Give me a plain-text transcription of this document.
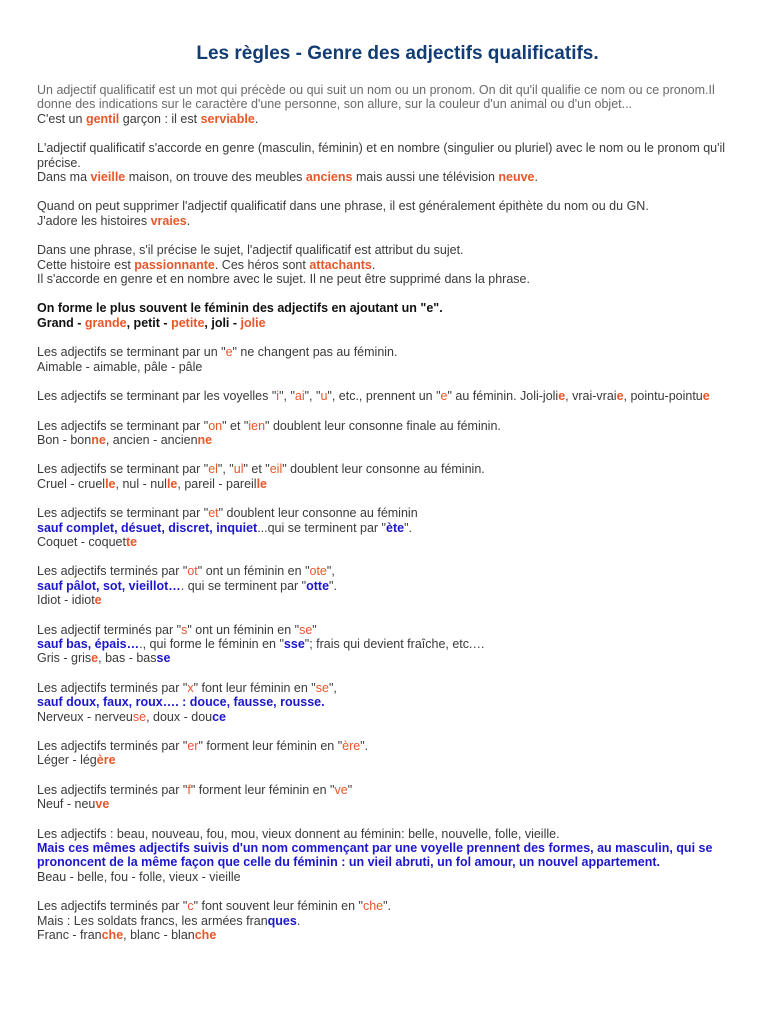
Les règles - Genre des adjectifs qualificatifs.

Un adjectif qualificatif est un mot qui précède ou qui suit un nom ou un pronom. On dit qu'il qualifie ce nom ou ce pronom.Il donne des indications sur le caractère d'une personne, son allure, sur la couleur d'un animal ou d'un objet...
C'est un gentil garçon : il est serviable.

L'adjectif qualificatif s'accorde en genre (masculin, féminin) et en nombre (singulier ou pluriel) avec le nom ou le pronom qu'il précise.
Dans ma vieille maison, on trouve des meubles anciens mais aussi une télévision neuve.

Quand on peut supprimer l'adjectif qualificatif dans une phrase, il est généralement épithète du nom ou du GN.
J'adore les histoires vraies.

Dans une phrase, s'il précise le sujet, l'adjectif qualificatif est attribut du sujet.
Cette histoire est passionnante. Ces héros sont attachants.
Il s'accorde en genre et en nombre avec le sujet. Il ne peut être supprimé dans la phrase.

On forme le plus souvent le féminin des adjectifs en ajoutant un "e".
Grand - grande, petit - petite, joli - jolie

Les adjectifs se terminant par un "e" ne changent pas au féminin.
Aimable - aimable, pâle - pâle

Les adjectifs se terminant par les voyelles "i", "ai", "u", etc., prennent un "e" au féminin. Joli-jolie, vrai-vraie, pointu-pointue

Les adjectifs se terminant par "on" et "ien" doublent leur consonne finale au féminin.
Bon - bonne, ancien - ancienne

Les adjectifs se terminant par "el", "ul" et "eil" doublent leur consonne au féminin.
Cruel - cruelle, nul - nulle, pareil - pareille

Les adjectifs se terminant par "et" doublent leur consonne au féminin
sauf complet, désuet, discret, inquiet...qui se terminent par "ète".
Coquet - coquette

Les adjectifs terminés par "ot" ont un féminin en "ote",
sauf pâlot, sot, vieillot…. qui se terminent par "otte".
Idiot - idiote

Les adjectif terminés par "s" ont un féminin en "se"
sauf bas, épais…., qui forme le féminin en "sse"; frais qui devient fraîche, etc.…
Gris - grise, bas - basse

Les adjectifs terminés par "x" font leur féminin en "se",
sauf doux, faux, roux…. : douce, fausse, rousse.
Nerveux - nerveuse, doux - douce

Les adjectifs terminés par "er" forment leur féminin en "ère".
Léger - légère

Les adjectifs terminés par "f" forment leur féminin en "ve"
Neuf - neuve

Les adjectifs : beau, nouveau, fou, mou, vieux donnent au féminin: belle, nouvelle, folle, vieille.
Mais ces mêmes adjectifs suivis d'un nom commençant par une voyelle prennent des formes, au masculin, qui se prononcent de la même façon que celle du féminin : un vieil abruti, un fol amour, un nouvel appartement.
Beau - belle, fou - folle, vieux - vieille

Les adjectifs terminés par "c" font souvent leur féminin en "che".
Mais : Les soldats francs, les armées franques.
Franc - franche, blanc - blanche
